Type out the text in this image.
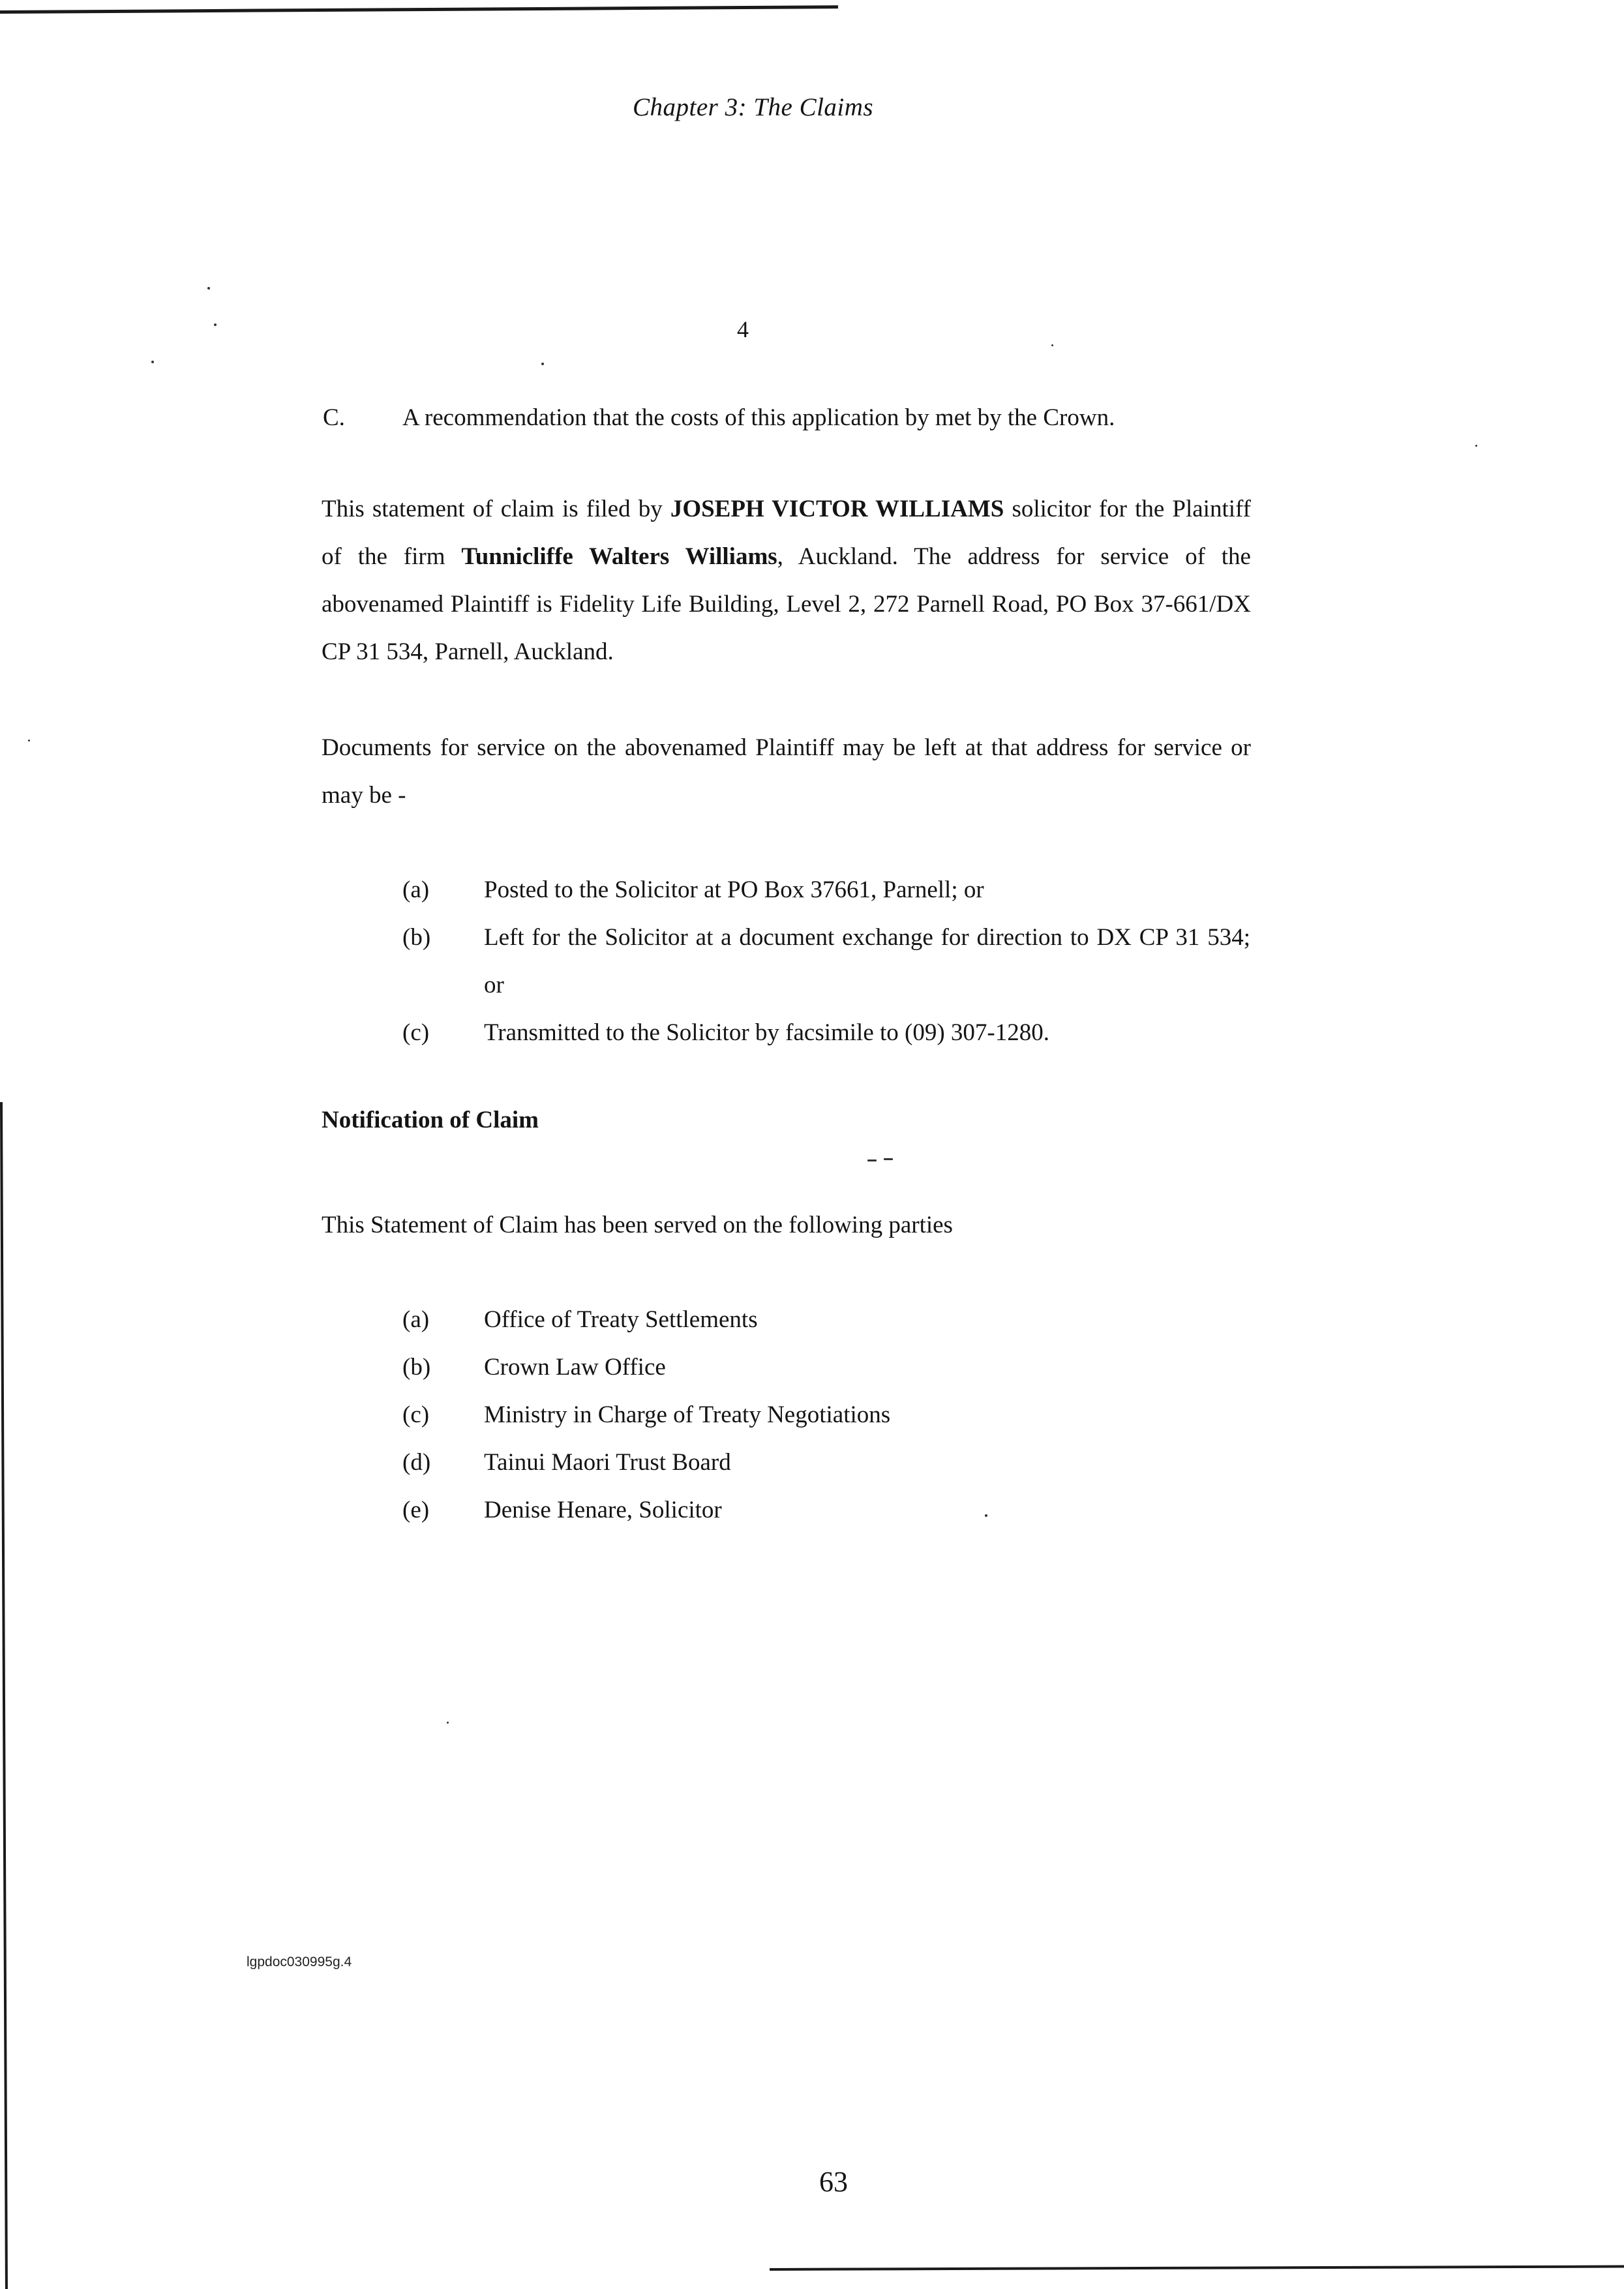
Chapter 3: The Claims
4
C. A recommendation that the costs of this application by met by the Crown.
This statement of claim is filed by JOSEPH VICTOR WILLIAMS solicitor for the Plaintiff of the firm Tunnicliffe Walters Williams, Auckland. The address for service of the abovenamed Plaintiff is Fidelity Life Building, Level 2, 272 Parnell Road, PO Box 37-661/DX CP 31 534, Parnell, Auckland.
Documents for service on the abovenamed Plaintiff may be left at that address for service or may be -
(a)	Posted to the Solicitor at PO Box 37661, Parnell; or
(b)	Left for the Solicitor at a document exchange for direction to DX CP 31 534; or
(c)	Transmitted to the Solicitor by facsimile to (09) 307-1280.
Notification of Claim
This Statement of Claim has been served on the following parties
(a)	Office of Treaty Settlements
(b)	Crown Law Office
(c)	Ministry in Charge of Treaty Negotiations
(d)	Tainui Maori Trust Board
(e)	Denise Henare, Solicitor
lgpdoc030995g.4
63
